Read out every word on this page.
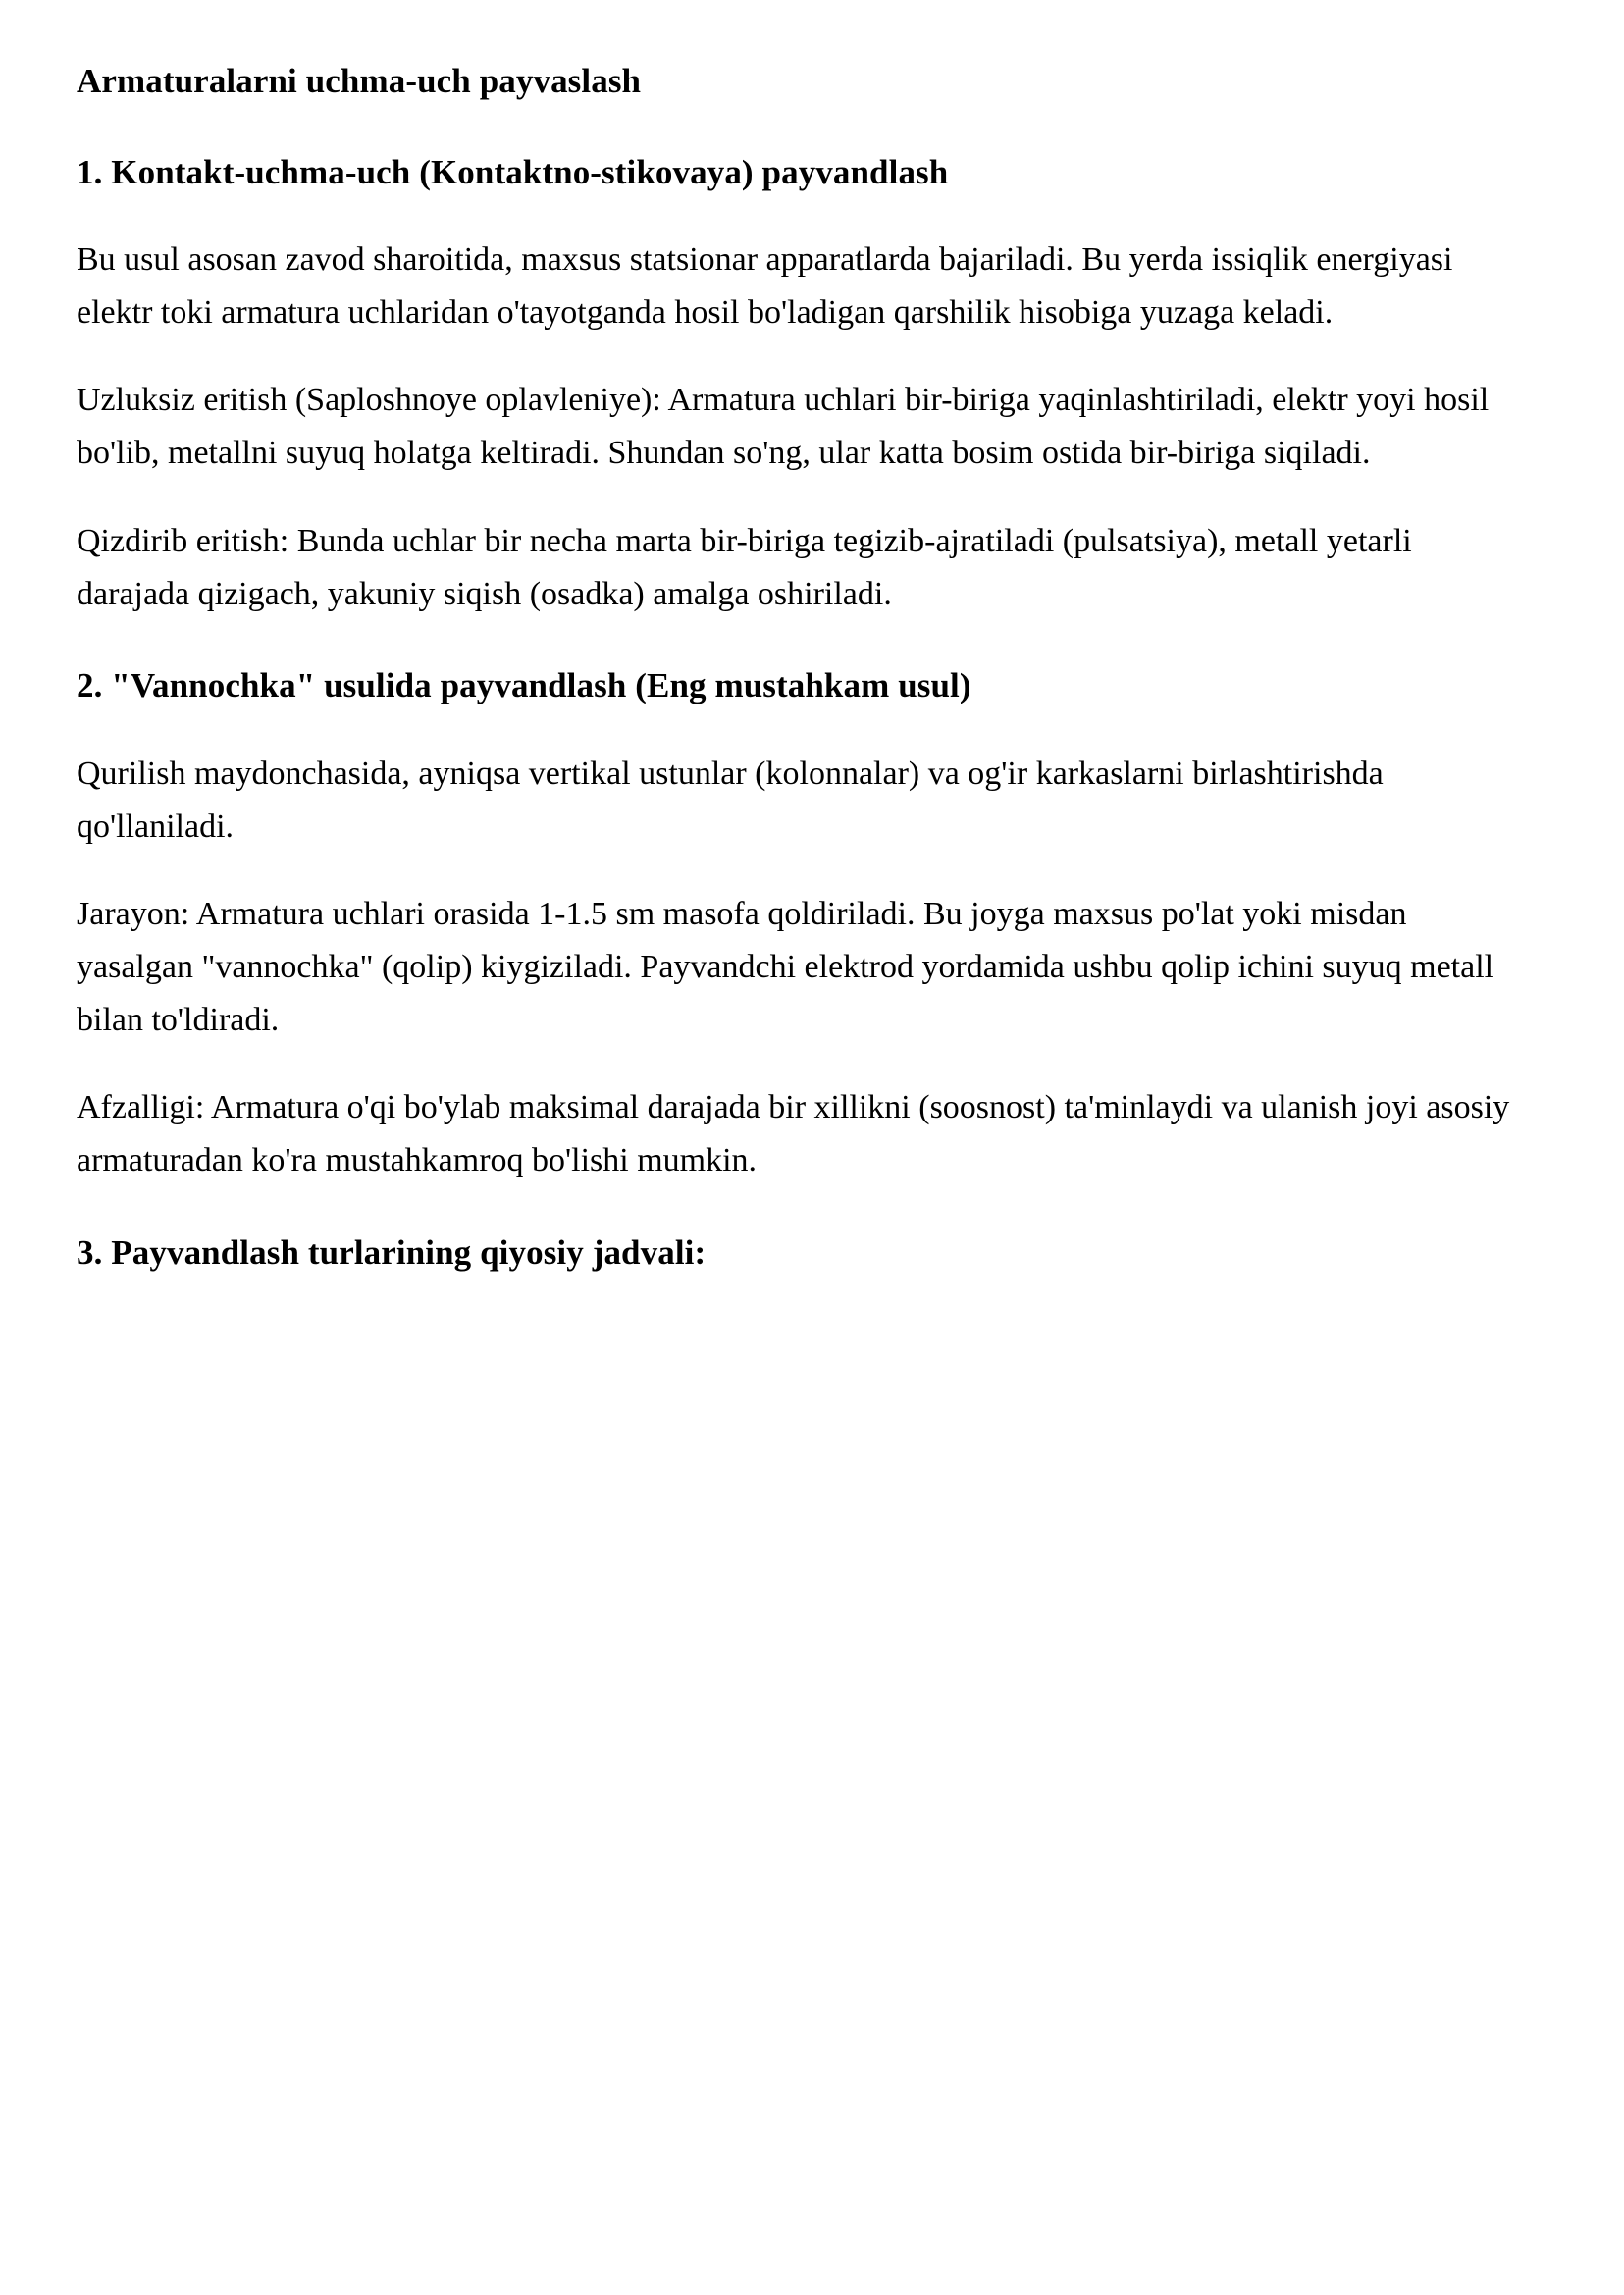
Armaturalarni uchma-uch payvaslash
1. Kontakt-uchma-uch (Kontaktno-stikovaya) payvandlash

Bu usul asosan zavod sharoitida, maxsus statsionar apparatlarda bajariladi. Bu yerda issiqlik energiyasi elektr toki armatura uchlaridan o'tayotganda hosil bo'ladigan qarshilik hisobiga yuzaga keladi.

Uzluksiz eritish (Saploshnoye oplavleniye): Armatura uchlari bir-biriga yaqinlashtiriladi, elektr yoyi hosil bo'lib, metallni suyuq holatga keltiradi. Shundan so'ng, ular katta bosim ostida bir-biriga siqiladi.

Qizdirib eritish: Bunda uchlar bir necha marta bir-biriga tegizib-ajratiladi (pulsatsiya), metall yetarli darajada qizigach, yakuniy siqish (osadka) amalga oshiriladi.

2. "Vannochka" usulida payvandlash (Eng mustahkam usul)

Qurilish maydonchasida, ayniqsa vertikal ustunlar (kolonnalar) va og'ir karkaslarni birlashtirishda qo'llaniladi.

Jarayon: Armatura uchlari orasida 1-1.5 sm masofa qoldiriladi. Bu joyga maxsus po'lat yoki misdan yasalgan "vannochka" (qolip) kiygiziladi. Payvandchi elektrod yordamida ushbu qolip ichini suyuq metall bilan to'ldiradi.

Afzalligi: Armatura o'qi bo'ylab maksimal darajada bir xillikni (soosnost) ta'minlaydi va ulanish joyi asosiy armaturadan ko'ra mustahkamroq bo'lishi mumkin.

3. Payvandlash turlarining qiyosiy jadvali:
